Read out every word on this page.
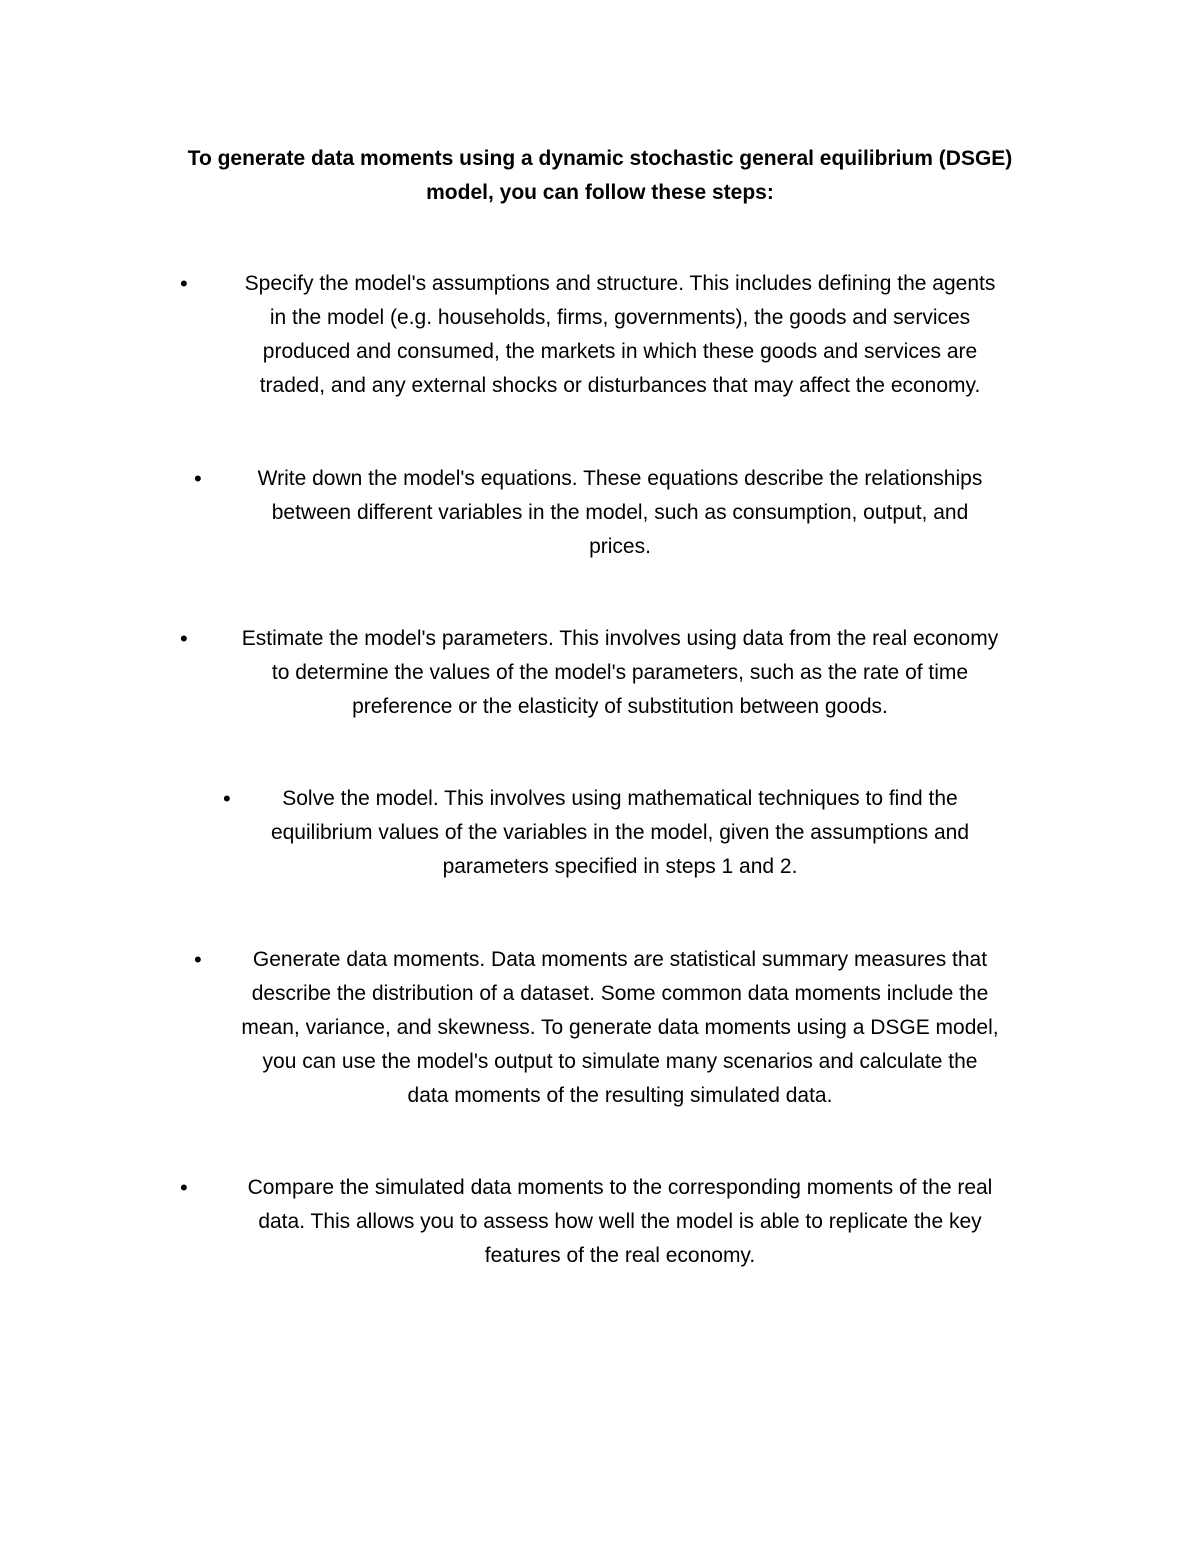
To generate data moments using a dynamic stochastic general equilibrium (DSGE)
model, you can follow these steps:
•	Specify the model's assumptions and structure. This includes defining the agents
in the model (e.g. households, firms, governments), the goods and services
produced and consumed, the markets in which these goods and services are
traded, and any external shocks or disturbances that may affect the economy.
•	Write down the model's equations. These equations describe the relationships
between different variables in the model, such as consumption, output, and
prices.
•	Estimate the model's parameters. This involves using data from the real economy
to determine the values of the model's parameters, such as the rate of time
preference or the elasticity of substitution between goods.
•	Solve the model. This involves using mathematical techniques to find the
equilibrium values of the variables in the model, given the assumptions and
parameters specified in steps 1 and 2.
•	Generate data moments. Data moments are statistical summary measures that
describe the distribution of a dataset. Some common data moments include the
mean, variance, and skewness. To generate data moments using a DSGE model,
you can use the model's output to simulate many scenarios and calculate the
data moments of the resulting simulated data.
•	Compare the simulated data moments to the corresponding moments of the real
data. This allows you to assess how well the model is able to replicate the key
features of the real economy.
